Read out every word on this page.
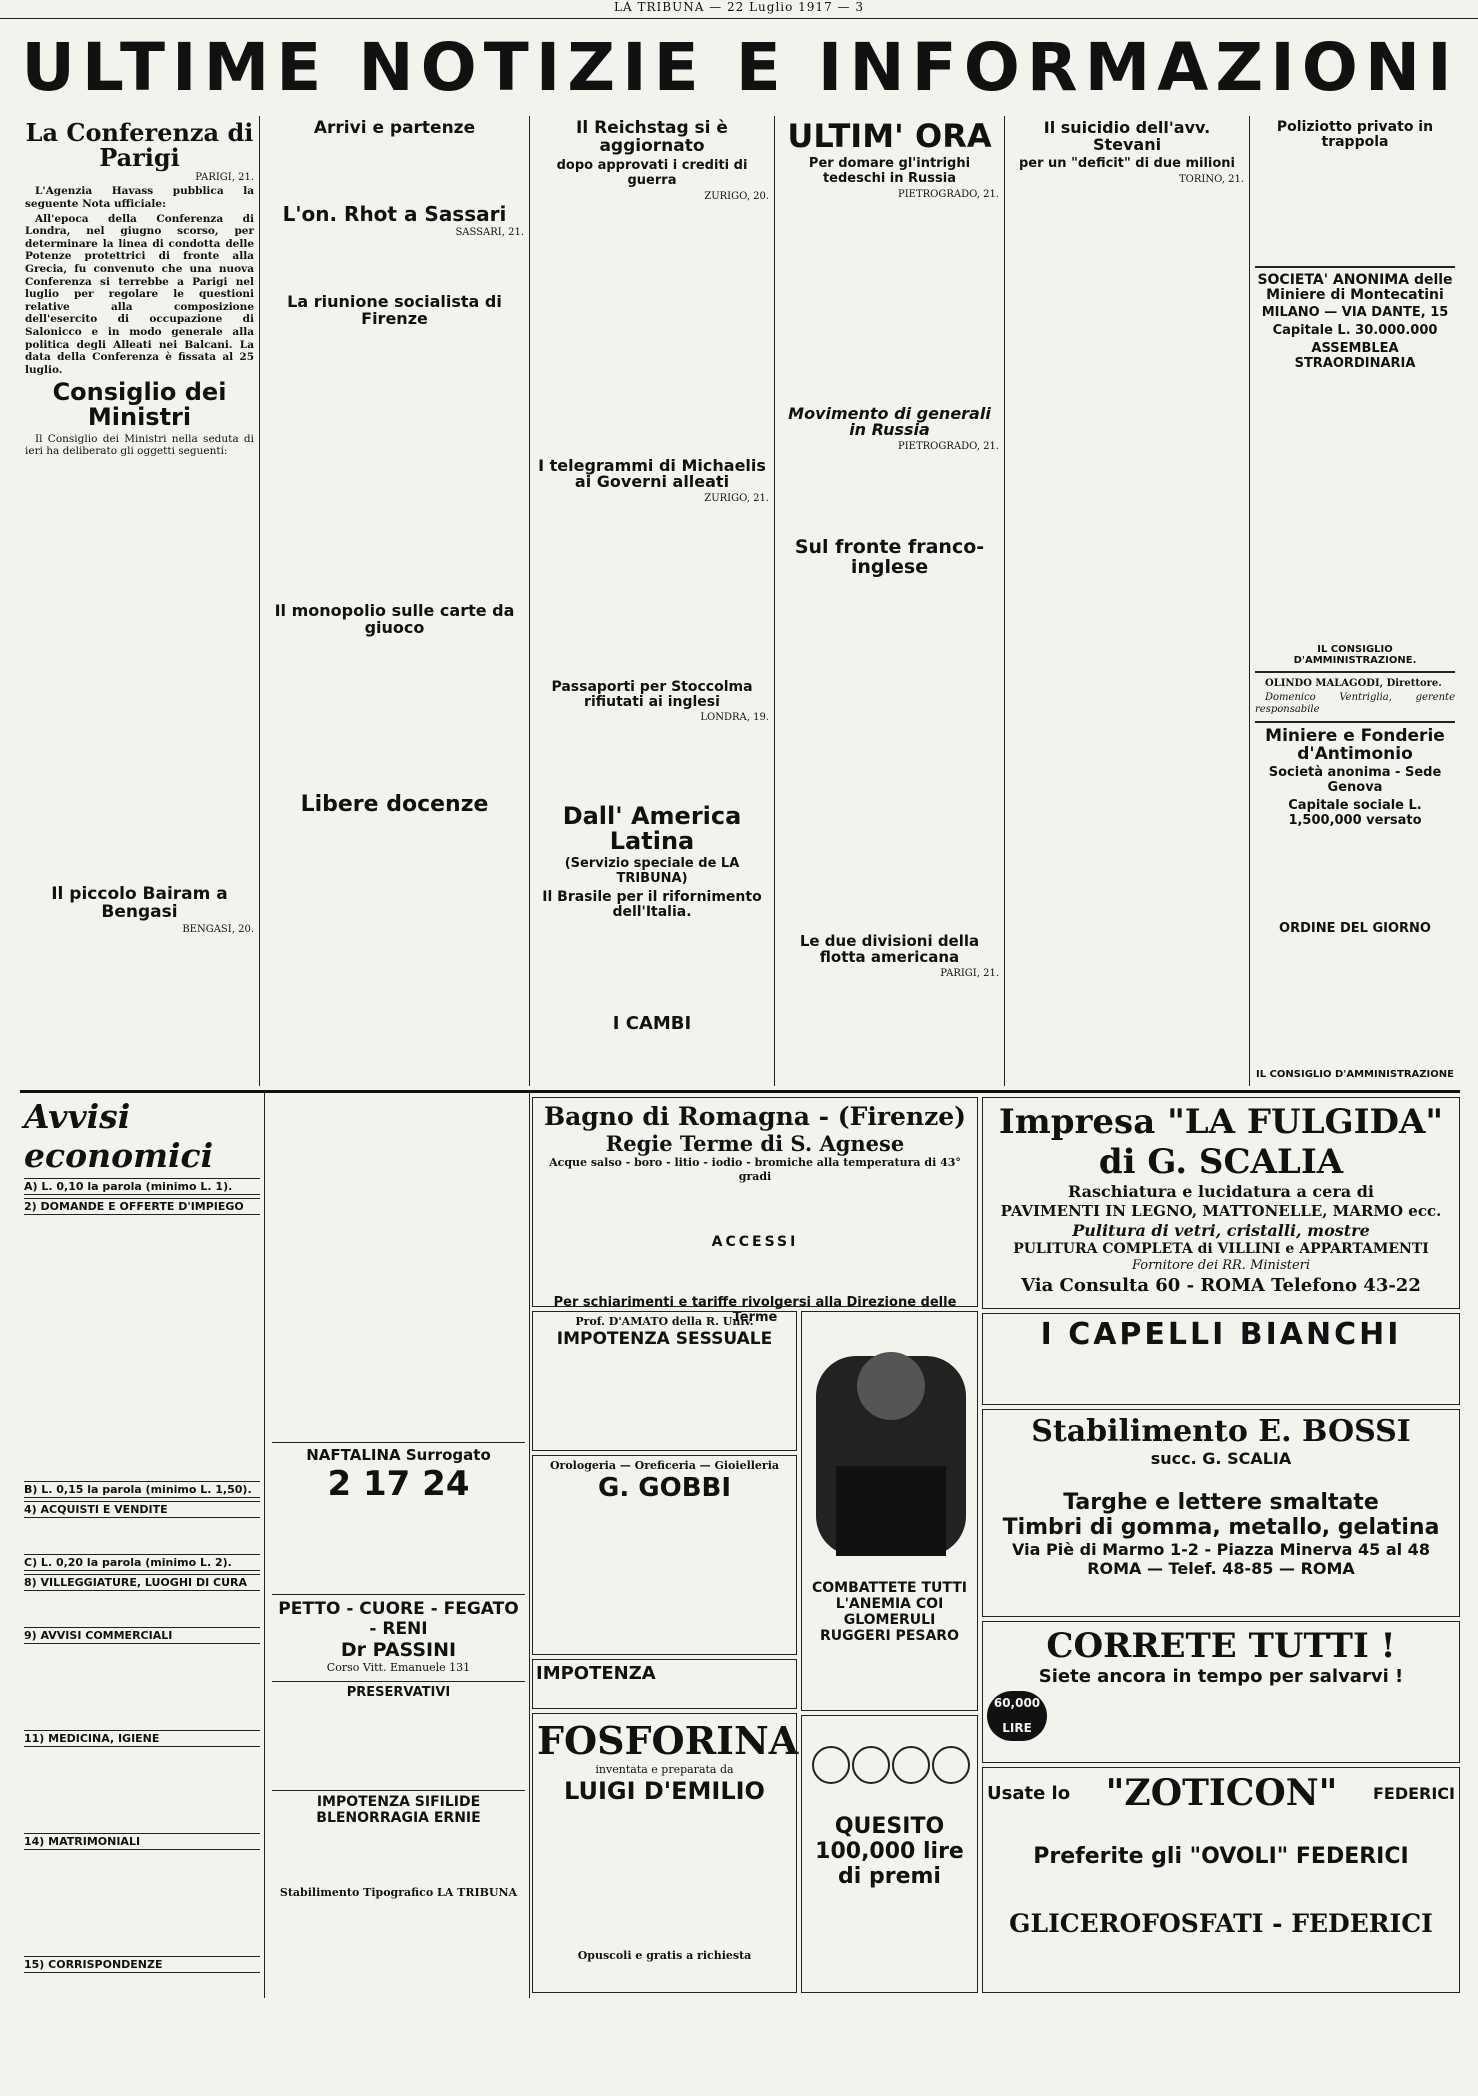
LA TRIBUNA — 22 Luglio 1917 — 3
ULTIME NOTIZIE E INFORMAZIONI
La Conferenza di Parigi
PARIGI, 21.
L'Agenzia Havass pubblica la seguente Nota ufficiale:
All'epoca della Conferenza di Londra, nel giugno scorso, per determinare la linea di condotta delle Potenze protettrici di fronte alla Grecia, fu convenuto che una nuova Conferenza si terrebbe a Parigi nel luglio per regolare le questioni relative alla composizione dell'esercito di occupazione di Salonicco e in modo generale alla politica degli Alleati nei Balcani. La data della Conferenza è fissata al 25 luglio.
Consiglio dei Ministri
Il Consiglio dei Ministri nella seduta di ieri ha deliberato gli oggetti seguenti:
Il piccolo Bairam a Bengasi
BENGASI, 20.
Arrivi e partenze
L'on. Rhot a Sassari
SASSARI, 21.
La riunione socialista di Firenze
Il monopolio sulle carte da giuoco
Libere docenze
Il Reichstag si è aggiornato
dopo approvati i crediti di guerra
ZURIGO, 20.
I telegrammi di Michaelis ai Governi alleati
ZURIGO, 21.
Passaporti per Stoccolma rifiutati ai inglesi
LONDRA, 19.
Dall' America Latina
(Servizio speciale de LA TRIBUNA)
Il Brasile per il rifornimento dell'Italia.
I CAMBI
ULTIM' ORA
Per domare gl'intrighi tedeschi in Russia
PIETROGRADO, 21.
Movimento di generali in Russia
PIETROGRADO, 21.
Sul fronte franco-inglese
Le due divisioni della flotta americana
PARIGI, 21.
Il suicidio dell'avv. Stevani
per un "deficit" di due milioni
TORINO, 21.
Poliziotto privato in trappola
SOCIETA' ANONIMA delle Miniere di Montecatini
MILANO — VIA DANTE, 15
Capitale L. 30.000.000
ASSEMBLEA STRAORDINARIA
IL CONSIGLIO D'AMMINISTRAZIONE.
OLINDO MALAGODI, Direttore.
Domenico Ventriglia, gerente responsabile
Miniere e Fonderie d'Antimonio
Società anonima - Sede Genova
Capitale sociale L. 1,500,000 versato
ORDINE DEL GIORNO
IL CONSIGLIO D'AMMINISTRAZIONE
Avvisi economici
A) L. 0,10 la parola (minimo L. 1).
2) DOMANDE E OFFERTE D'IMPIEGO
B) L. 0,15 la parola (minimo L. 1,50).
4) ACQUISTI E VENDITE
C) L. 0,20 la parola (minimo L. 2).
8) VILLEGGIATURE, LUOGHI DI CURA
9) AVVISI COMMERCIALI
11) MEDICINA, IGIENE
14) MATRIMONIALI
15) CORRISPONDENZE
NAFTALINA Surrogato
2 17 24
PETTO - CUORE - FEGATO - RENI
Dr PASSINI
Corso Vitt. Emanuele 131
PRESERVATIVI
IMPOTENZA SIFILIDE BLENORRAGIA ERNIE
Stabilimento Tipografico LA TRIBUNA
Bagno di Romagna - (Firenze)
Regie Terme di S. Agnese
Acque salso - boro - litio - iodio - bromiche alla temperatura di 43° gradi
ACCESSI
Per schiarimenti e tariffe rivolgersi alla Direzione delle Terme
Prof. D'AMATO della R. Univ.
IMPOTENZA SESSUALE
Orologeria — Oreficeria — Gioielleria
G. GOBBI
IMPOTENZA
FOSFORINA
inventata e preparata da
LUIGI D'EMILIO
Opuscoli e gratis a richiesta
COMBATTETE TUTTI L'ANEMIA COI GLOMERULI RUGGERI PESARO
QUESITO 100,000 lire di premi
Impresa "LA FULGIDA" di G. SCALIA
Raschiatura e lucidatura a cera di
PAVIMENTI IN LEGNO, MATTONELLE, MARMO ecc.
Pulitura di vetri, cristalli, mostre
PULITURA COMPLETA di VILLINI e APPARTAMENTI
Fornitore dei RR. Ministeri
Via Consulta 60 - ROMA Telefono 43-22
I CAPELLI BIANCHI
Stabilimento E. BOSSI
succ. G. SCALIA
Targhe e lettere smaltate
Timbri di gomma, metallo, gelatina
Via Piè di Marmo 1-2 - Piazza Minerva 45 al 48
ROMA — Telef. 48-85 — ROMA
CORRETE TUTTI !
Siete ancora in tempo per salvarvi !
60,000 LIRE
Usate lo "ZOTICON" FEDERICI
Preferite gli "OVOLI" FEDERICI
GLICEROFOSFATI - FEDERICI
